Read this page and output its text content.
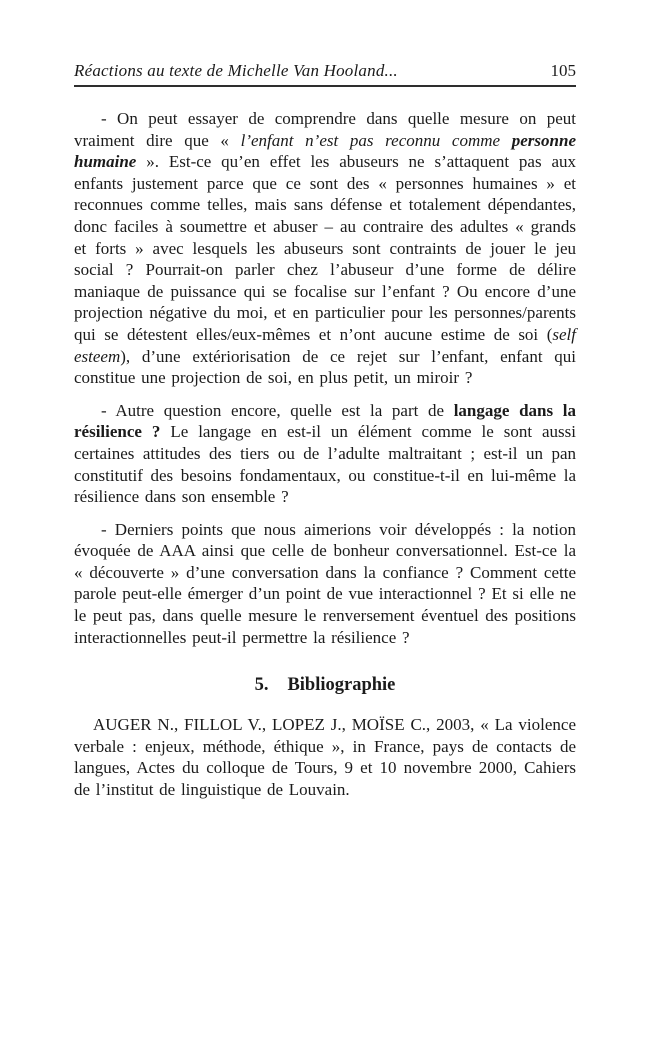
Réactions au texte de Michelle Van Hooland...	105

- On peut essayer de comprendre dans quelle mesure on peut vraiment dire que « l’enfant n’est pas reconnu comme personne humaine ». Est-ce qu’en effet les abuseurs ne s’attaquent pas aux enfants justement parce que ce sont des « personnes humaines » et reconnues comme telles, mais sans défense et totalement dépendantes, donc faciles à soumettre et abuser – au contraire des adultes « grands et forts » avec lesquels les abuseurs sont contraints de jouer le jeu social ? Pourrait-on parler chez l’abuseur d’une forme de délire maniaque de puissance qui se focalise sur l’enfant ? Ou encore d’une projection négative du moi, et en particulier pour les personnes/parents qui se détestent elles/eux-mêmes et n’ont aucune estime de soi (self esteem), d’une extériorisation de ce rejet sur l’enfant, enfant qui constitue une projection de soi, en plus petit, un miroir ?

- Autre question encore, quelle est la part de langage dans la résilience ? Le langage en est-il un élément comme le sont aussi certaines attitudes des tiers ou de l’adulte maltraitant ; est-il un pan constitutif des besoins fondamentaux, ou constitue-t-il en lui-même la résilience dans son ensemble ?

- Derniers points que nous aimerions voir développés : la notion évoquée de AAA ainsi que celle de bonheur conversationnel. Est-ce la « découverte » d’une conversation dans la confiance ? Comment cette parole peut-elle émerger d’un point de vue interactionnel ? Et si elle ne le peut pas, dans quelle mesure le renversement éventuel des positions interactionnelles peut-il permettre la résilience ?

5. Bibliographie

AUGER N., FILLOL V., LOPEZ J., MOÏSE C., 2003, « La violence verbale : enjeux, méthode, éthique », in France, pays de contacts de langues, Actes du colloque de Tours, 9 et 10 novembre 2000, Cahiers de l’institut de linguistique de Louvain.
